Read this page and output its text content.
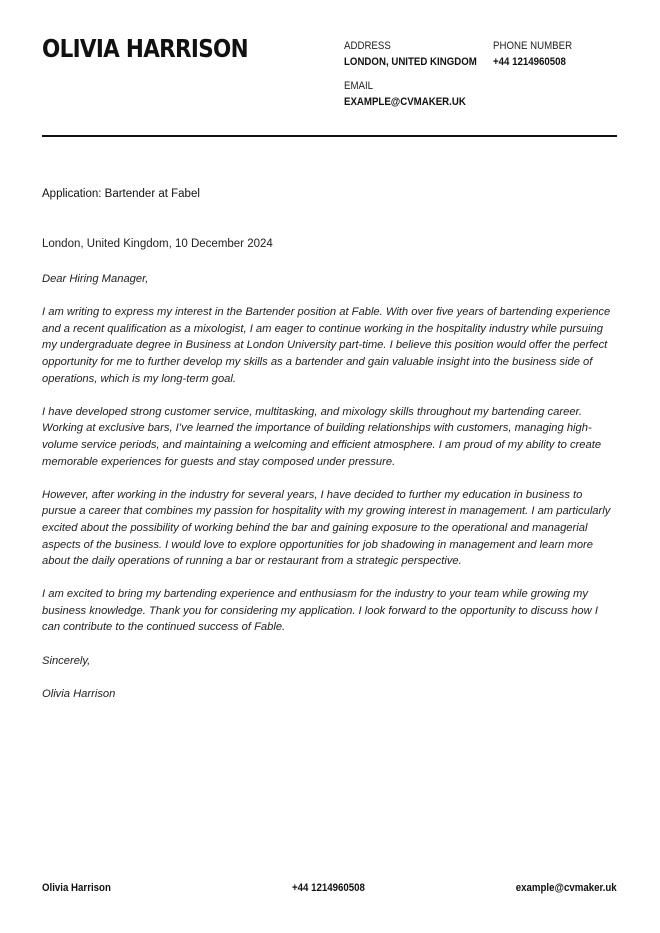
OLIVIA HARRISON	ADDRESS
LONDON, UNITED KINGDOM
PHONE NUMBER
+44 1214960508
EMAIL
EXAMPLE@CVMAKER.UK
Application: Bartender at Fabel
London, United Kingdom, 10 December 2024

Dear Hiring Manager,

I am writing to express my interest in the Bartender position at Fable. With over five years of bartending experience and a recent qualification as a mixologist, I am eager to continue working in the hospitality industry while pursuing my undergraduate degree in Business at London University part-time. I believe this position would offer the perfect opportunity for me to further develop my skills as a bartender and gain valuable insight into the business side of operations, which is my long-term goal.

I have developed strong customer service, multitasking, and mixology skills throughout my bartending career. Working at exclusive bars, I’ve learned the importance of building relationships with customers, managing high-volume service periods, and maintaining a welcoming and efficient atmosphere. I am proud of my ability to create memorable experiences for guests and stay composed under pressure.

However, after working in the industry for several years, I have decided to further my education in business to pursue a career that combines my passion for hospitality with my growing interest in management. I am particularly excited about the possibility of working behind the bar and gaining exposure to the operational and managerial aspects of the business. I would love to explore opportunities for job shadowing in management and learn more about the daily operations of running a bar or restaurant from a strategic perspective.

I am excited to bring my bartending experience and enthusiasm for the industry to your team while growing my business knowledge. Thank you for considering my application. I look forward to the opportunity to discuss how I can contribute to the continued success of Fable.

Sincerely,

Olivia Harrison

Olivia Harrison	+44 1214960508	example@cvmaker.uk
